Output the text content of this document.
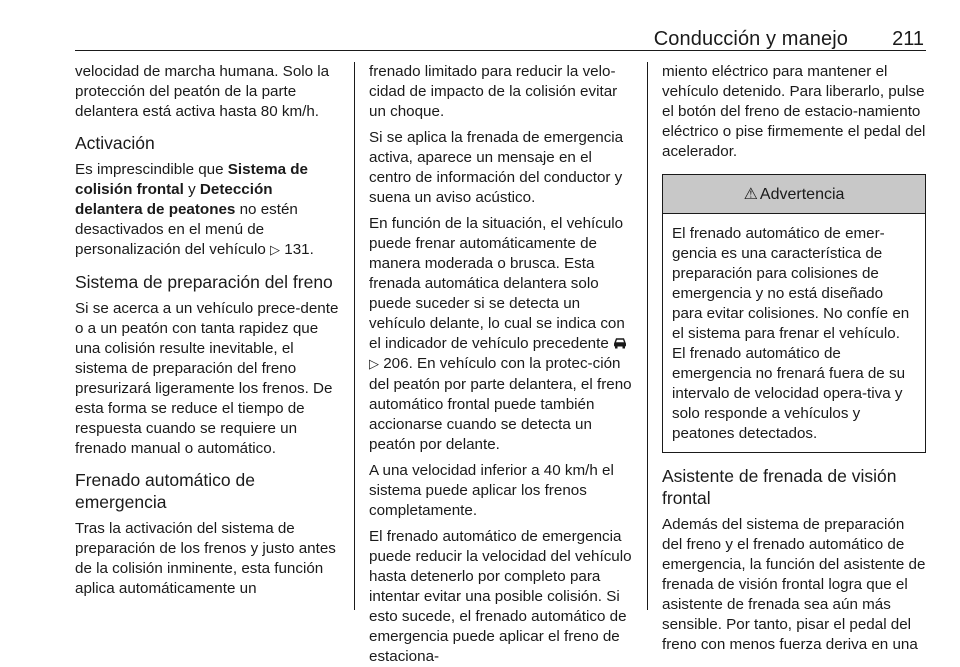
Conducción y manejo 211

velocidad de marcha humana. Solo la protección del peatón de la parte delantera está activa hasta 80 km/h.

Activación

Es imprescindible que Sistema de colisión frontal y Detección delantera de peatones no estén desactivados en el menú de personalización del vehículo ▷ 131.

Sistema de preparación del freno

Si se acerca a un vehículo prece-dente o a un peatón con tanta rapidez que una colisión resulte inevitable, el sistema de preparación del freno presurizará ligeramente los frenos. De esta forma se reduce el tiempo de respuesta cuando se requiere un frenado manual o automático.

Frenado automático de emergencia

Tras la activación del sistema de preparación de los frenos y justo antes de la colisión inminente, esta función aplica automáticamente un

frenado limitado para reducir la velo-cidad de impacto de la colisión evitar un choque.

Si se aplica la frenada de emergencia activa, aparece un mensaje en el centro de información del conductor y suena un aviso acústico.

En función de la situación, el vehículo puede frenar automáticamente de manera moderada o brusca. Esta frenada automática delantera solo puede suceder si se detecta un vehículo delante, lo cual se indica con el indicador de vehículo precedente  ▷ 206. En vehículo con la protec-ción del peatón por parte delantera, el freno automático frontal puede también accionarse cuando se detecta un peatón por delante.

A una velocidad inferior a 40 km/h el sistema puede aplicar los frenos completamente.

El frenado automático de emergencia puede reducir la velocidad del vehículo hasta detenerlo por completo para intentar evitar una posible colisión. Si esto sucede, el frenado automático de emergencia puede aplicar el freno de estaciona-

miento eléctrico para mantener el vehículo detenido. Para liberarlo, pulse el botón del freno de estacio-namiento eléctrico o pise firmemente el pedal del acelerador.

⚠ Advertencia
El frenado automático de emer-gencia es una característica de preparación para colisiones de emergencia y no está diseñado para evitar colisiones. No confíe en el sistema para frenar el vehículo. El frenado automático de emergencia no frenará fuera de su intervalo de velocidad opera-tiva y solo responde a vehículos y peatones detectados.
Asistente de frenada de visión frontal

Además del sistema de preparación del freno y el frenado automático de emergencia, la función del asistente de frenada de visión frontal logra que el asistente de frenada sea aún más sensible. Por tanto, pisar el pedal del freno con menos fuerza deriva en una
